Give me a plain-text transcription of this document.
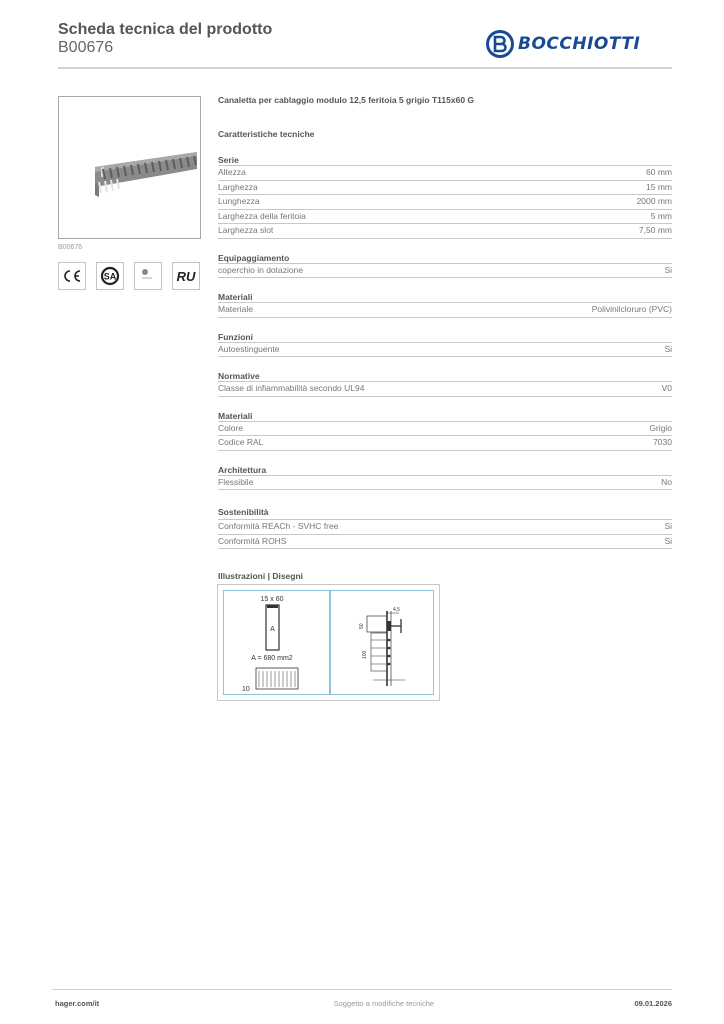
Scheda tecnica del prodotto
B00676	BOCCHIOTTI
B00676
SA	RU
Canaletta per cablaggio modulo 12,5 feritoia 5 grigio T115x60 G
Caratteristiche tecniche
Serie
Altezza	60 mm
Larghezza	15 mm
Lunghezza	2000 mm
Larghezza della feritoia	5 mm
Larghezza slot	7,50 mm
Equipaggiamento
coperchio in dotazione	Si
Materiali
Materiale	Polivinilcloruro (PVC)
Funzioni
Autoestinguente	Si
Normative
Classe di infiammabilità secondo UL94	V0
Materiali
Colore	Grigio
Codice RAL	7030
Architettura
Flessibile	No
Sostenibilità
Conformità REACh - SVHC free	Si
Conformità ROHS	Si
Illustrazioni | Disegni
15 x 60
A
A = 680 mm2
10
4,5
50
100
hager.com/it	Soggetto a modifiche tecniche	09.01.2026
